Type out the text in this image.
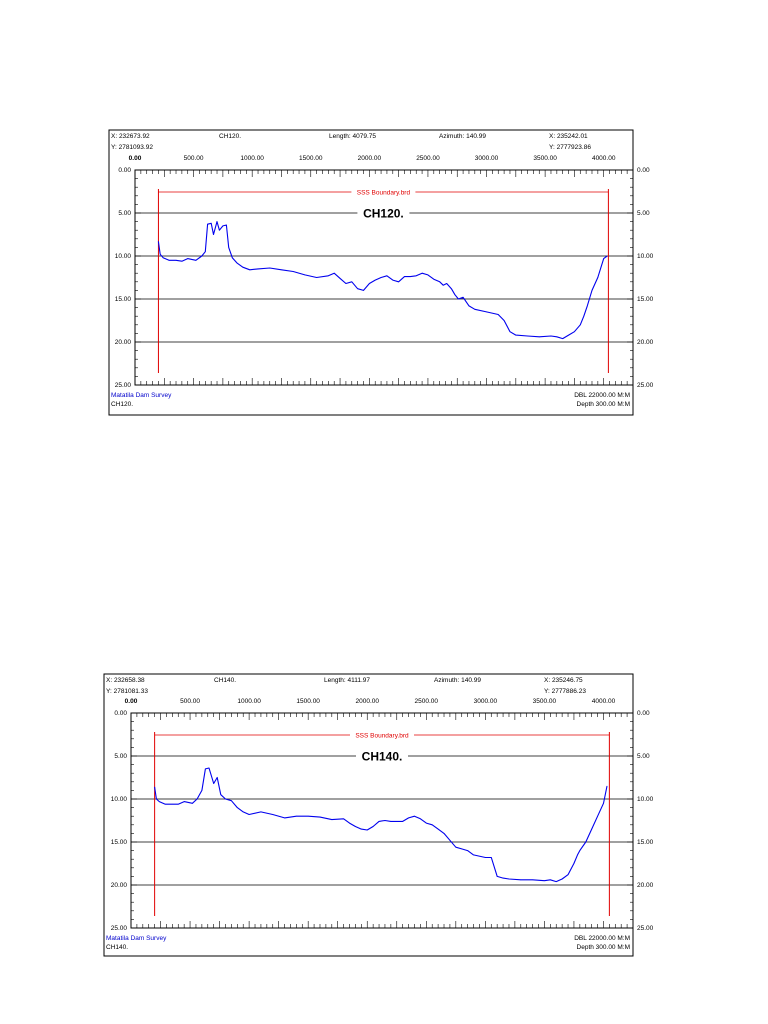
X: 232673.92
Y: 2781093.92
CH120.	Length: 4079.75	Azimuth: 140.99	X: 235242.01
Y: 2777923.86
0.00	500.00	1000.00	1500.00	2000.00	2500.00	3000.00	3500.00	4000.00
0.00	0.00
5.00	5.00
10.00	10.00
15.00	15.00
20.00	20.00
25.00	25.00
SSS Boundary.brd
CH120.
Matatila Dam Survey
CH120.
DBL 22000.00 M:M
Depth 300.00 M:M
X: 232658.38
Y: 2781081.33
CH140.	Length: 4111.97	Azimuth: 140.99	X: 235246.75
Y: 2777886.23
0.00	500.00	1000.00	1500.00	2000.00	2500.00	3000.00	3500.00	4000.00
0.00	0.00
5.00	5.00
10.00	10.00
15.00	15.00
20.00	20.00
25.00	25.00
SSS Boundary.brd
CH140.
Matatila Dam Survey
CH140.
DBL 22000.00 M:M
Depth 300.00 M:M
